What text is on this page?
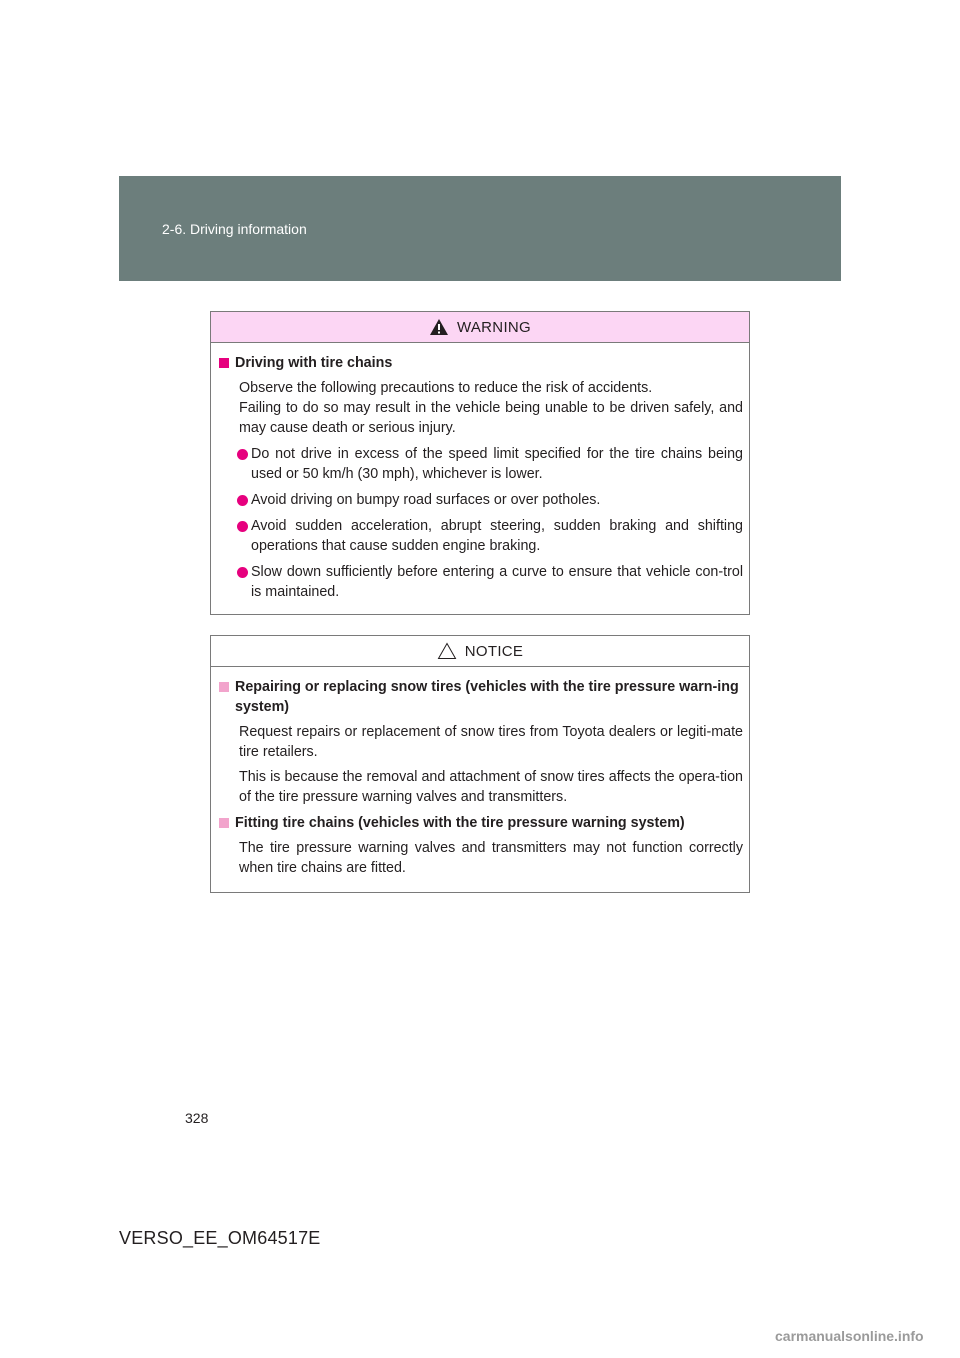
2-6. Driving information
WARNING
Driving with tire chains
Observe the following precautions to reduce the risk of accidents.
Failing to do so may result in the vehicle being unable to be driven safely, and may cause death or serious injury.
Do not drive in excess of the speed limit specified for the tire chains being used or 50 km/h (30 mph), whichever is lower.
Avoid driving on bumpy road surfaces or over potholes.
Avoid sudden acceleration, abrupt steering, sudden braking and shifting operations that cause sudden engine braking.
Slow down sufficiently before entering a curve to ensure that vehicle con-trol is maintained.
NOTICE
Repairing or replacing snow tires (vehicles with the tire pressure warn-ing system)
Request repairs or replacement of snow tires from Toyota dealers or legiti-mate tire retailers.
This is because the removal and attachment of snow tires affects the opera-tion of the tire pressure warning valves and transmitters.
Fitting tire chains (vehicles with the tire pressure warning system)
The tire pressure warning valves and transmitters may not function correctly when tire chains are fitted.
328
VERSO_EE_OM64517E
carmanualsonline.info
